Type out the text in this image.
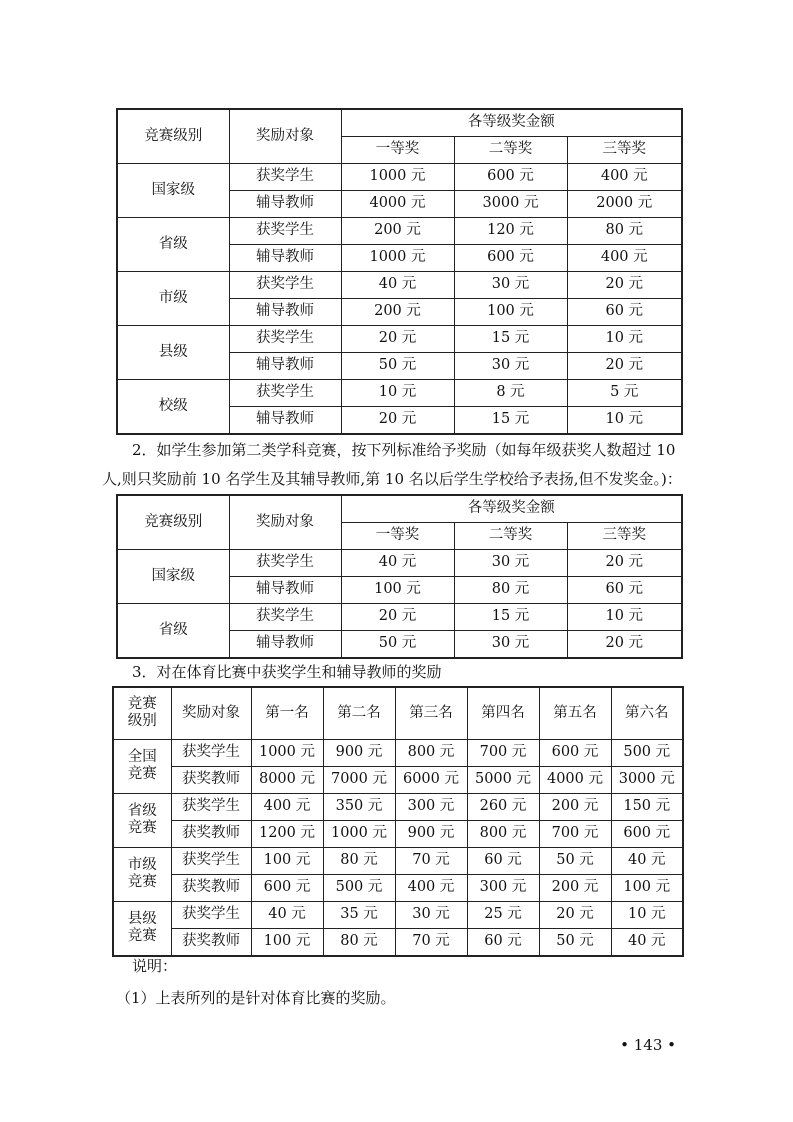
竞赛级别	奖励对象	各等级奖金额		
		一等奖	二等奖	三等奖
国家级	获奖学生	1000 元	600 元	400 元
	辅导教师	4000 元	3000 元	2000 元
省级	获奖学生	200 元	120 元	80 元
	辅导教师	1000 元	600 元	400 元
市级	获奖学生	40 元	30 元	20 元
	辅导教师	200 元	100 元	60 元
县级	获奖学生	20 元	15 元	10 元
	辅导教师	50 元	30 元	20 元
校级	获奖学生	10 元	8 元	5 元
	辅导教师	20 元	15 元	10 元

2．如学生参加第二类学科竞赛，按下列标准给予奖励（如每年级获奖人数超过 10

人,则只奖励前 10 名学生及其辅导教师,第 10 名以后学生学校给予表扬,但不发奖金。)：

竞赛级别	奖励对象	各等级奖金额		
		一等奖	二等奖	三等奖
国家级	获奖学生	40 元	30 元	20 元
	辅导教师	100 元	80 元	60 元
省级	获奖学生	20 元	15 元	10 元
	辅导教师	50 元	30 元	20 元

3．对在体育比赛中获奖学生和辅导教师的奖励

竞赛
级别	奖励对象	第一名	第二名	第三名	第四名	第五名	第六名

全国
竞赛	获奖学生	1000 元	900 元	800 元	700 元	600 元	500 元
	获奖教师	8000 元	7000 元	6000 元	5000 元	4000 元	3000 元

省级
竞赛	获奖学生	400 元	350 元	300 元	260 元	200 元	150 元
	获奖教师	1200 元	1000 元	900 元	800 元	700 元	600 元

市级
竞赛	获奖学生	100 元	80 元	70 元	60 元	50 元	40 元
	获奖教师	600 元	500 元	400 元	300 元	200 元	100 元

县级
竞赛	获奖学生	40 元	35 元	30 元	25 元	20 元	10 元
	获奖教师	100 元	80 元	70 元	60 元	50 元	40 元

说明：

（1）上表所列的是针对体育比赛的奖励。

• 143 •
